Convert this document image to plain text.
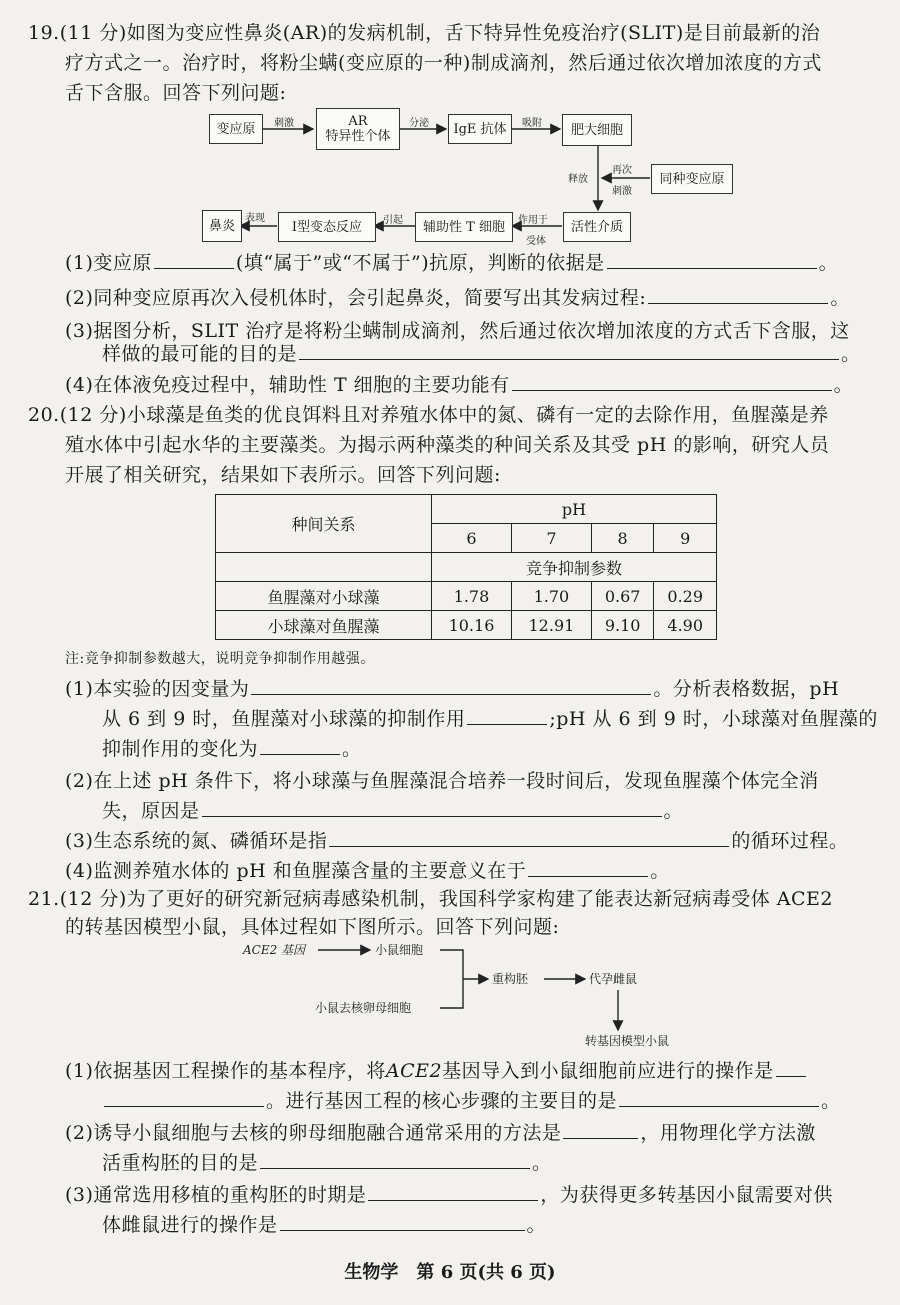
19.(11 分)如图为变应性鼻炎(AR)的发病机制，舌下特异性免疫治疗(SLIT)是目前最新的治
疗方式之一。治疗时，将粉尘螨(变应原的一种)制成滴剂，然后通过依次增加浓度的方式
舌下含服。回答下列问题:
变应原	AR
特异性个体	IgE 抗体	肥大细胞
同种变应原
活性介质
辅助性 T 细胞
Ⅰ型变态反应
鼻炎
刺激	分泌	吸附
释放
再次
刺激
作用于
受体
引起
表现
(1)变应原	(填“属于”或“不属于”)抗原，判断的依据是	。
(2)同种变应原再次入侵机体时，会引起鼻炎，简要写出其发病过程:	。
(3)据图分析，SLIT 治疗是将粉尘螨制成滴剂，然后通过依次增加浓度的方式舌下含服，这
样做的最可能的目的是	。
(4)在体液免疫过程中，辅助性 T 细胞的主要功能有	。
20.(12 分)小球藻是鱼类的优良饵料且对养殖水体中的氮、磷有一定的去除作用，鱼腥藻是养
殖水体中引起水华的主要藻类。为揭示两种藻类的种间关系及其受 pH 的影响，研究人员
开展了相关研究，结果如下表所示。回答下列问题:
种间关系	pH			
	6	7	8	9
	竞争抑制参数			
鱼腥藻对小球藻	1.78	1.70	0.67	0.29
小球藻对鱼腥藻	10.16	12.91	9.10	4.90
注:竞争抑制参数越大，说明竞争抑制作用越强。
(1)本实验的因变量为	。分析表格数据，pH
从 6 到 9 时，鱼腥藻对小球藻的抑制作用	;pH 从 6 到 9 时，小球藻对鱼腥藻的
抑制作用的变化为	。
(2)在上述 pH 条件下，将小球藻与鱼腥藻混合培养一段时间后，发现鱼腥藻个体完全消
失，原因是	。
(3)生态系统的氮、磷循环是指	的循环过程。
(4)监测养殖水体的 pH 和鱼腥藻含量的主要意义在于	。
21.(12 分)为了更好的研究新冠病毒感染机制，我国科学家构建了能表达新冠病毒受体 ACE2
的转基因模型小鼠，具体过程如下图所示。回答下列问题:
ACE2 基因	小鼠细胞
小鼠去核卵母细胞
重构胚	代孕雌鼠
转基因模型小鼠
(1)依据基因工程操作的基本程序，将ACE2基因导入到小鼠细胞前应进行的操作是
。进行基因工程的核心步骤的主要目的是	。
(2)诱导小鼠细胞与去核的卵母细胞融合通常采用的方法是	，用物理化学方法激
活重构胚的目的是	。
(3)通常选用移植的重构胚的时期是	，为获得更多转基因小鼠需要对供
体雌鼠进行的操作是	。
生物学　第 6 页(共 6 页)
